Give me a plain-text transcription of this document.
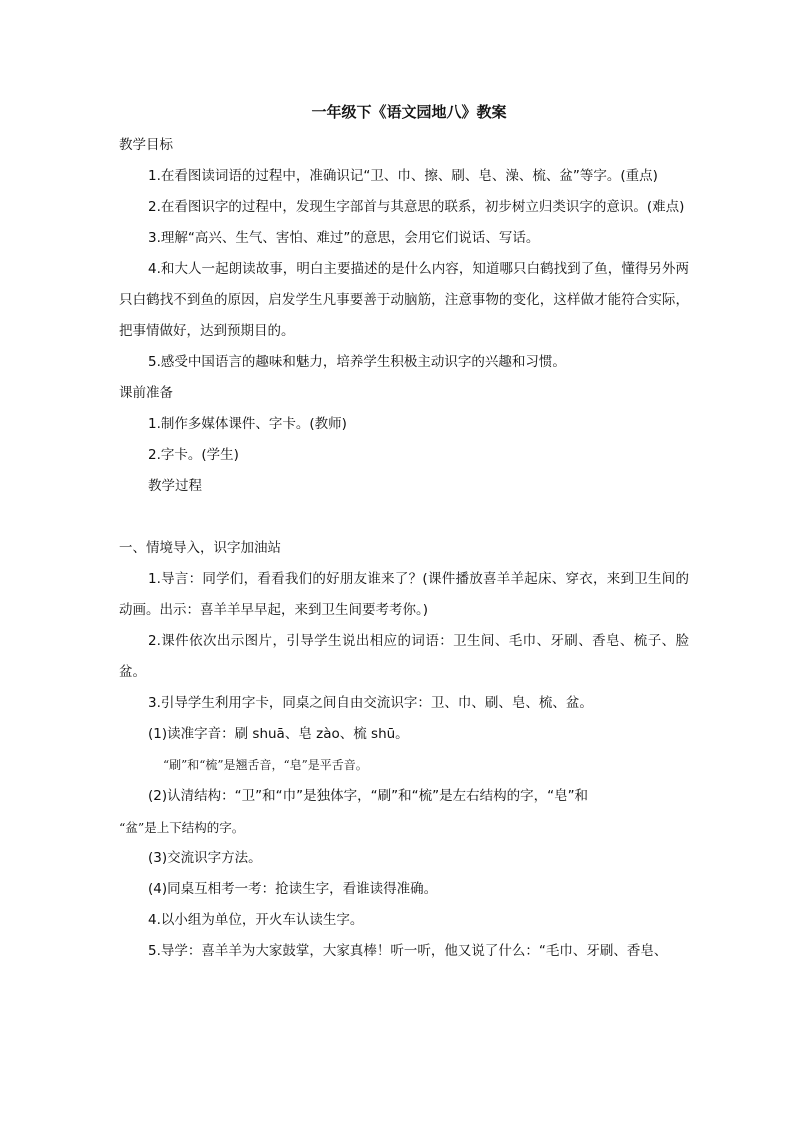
一年级下《语文园地八》教案

教学目标

1.在看图读词语的过程中，准确识记“卫、巾、擦、刷、皂、澡、梳、盆”等字。(重点)

2.在看图识字的过程中，发现生字部首与其意思的联系，初步树立归类识字的意识。(难点)

3.理解“高兴、生气、害怕、难过”的意思，会用它们说话、写话。

4.和大人一起朗读故事，明白主要描述的是什么内容，知道哪只白鹤找到了鱼，懂得另外两只白鹤找不到鱼的原因，启发学生凡事要善于动脑筋，注意事物的变化，这样做才能符合实际，把事情做好，达到预期目的。

5.感受中国语言的趣味和魅力，培养学生积极主动识字的兴趣和习惯。

课前准备

1.制作多媒体课件、字卡。(教师)

2.字卡。(学生)

教学过程

一、情境导入，识字加油站

1.导言：同学们，看看我们的好朋友谁来了？(课件播放喜羊羊起床、穿衣，来到卫生间的动画。出示：喜羊羊早早起，来到卫生间要考考你。)

2.课件依次出示图片，引导学生说出相应的词语：卫生间、毛巾、牙刷、香皂、梳子、脸盆。

3.引导学生利用字卡，同桌之间自由交流识字：卫、巾、刷、皂、梳、盆。

(1)读准字音：刷 shuā、皂 zào、梳 shū。

“刷”和“梳”是翘舌音，“皂”是平舌音。

(2)认清结构：“卫”和“巾”是独体字，“刷”和“梳”是左右结构的字，“皂”和

“盆”是上下结构的字。

(3)交流识字方法。

(4)同桌互相考一考：抢读生字，看谁读得准确。

4.以小组为单位，开火车认读生字。

5.导学：喜羊羊为大家鼓掌，大家真棒！听一听，他又说了什么：“毛巾、牙刷、香皂、
